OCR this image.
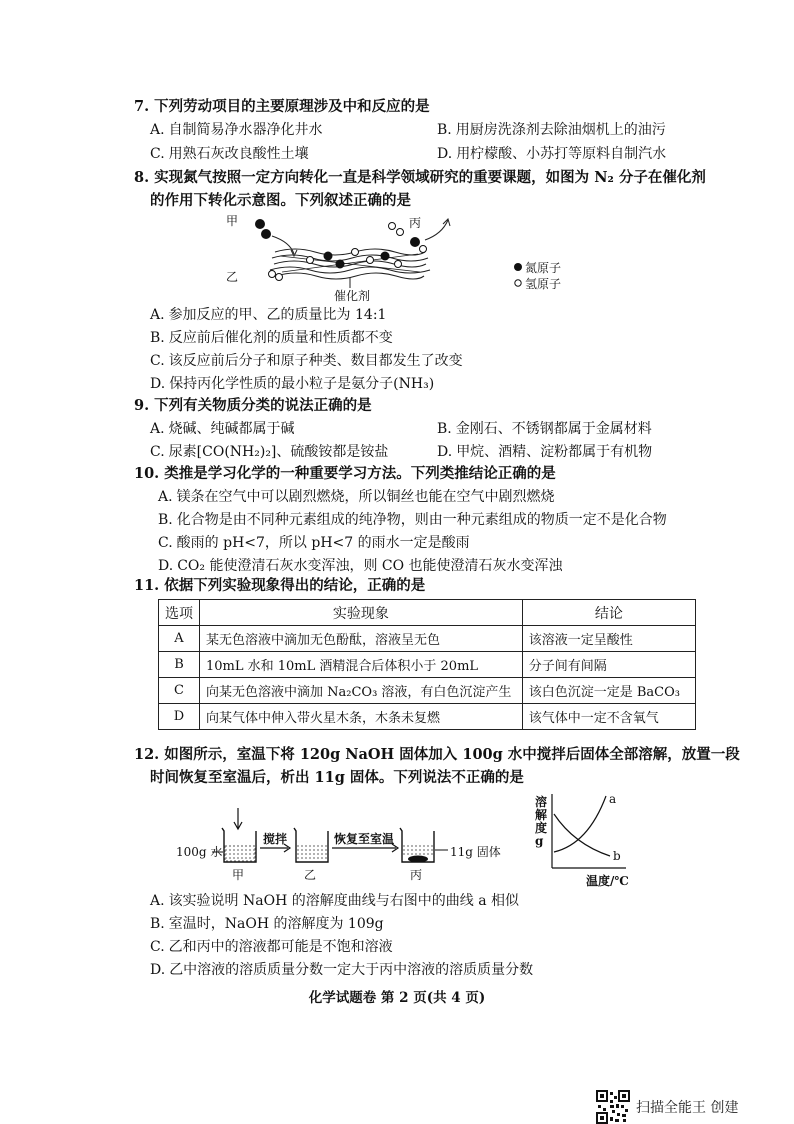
7. 下列劳动项目的主要原理涉及中和反应的是
A. 自制简易净水器净化井水	B. 用厨房洗涤剂去除油烟机上的油污
C. 用熟石灰改良酸性土壤	D. 用柠檬酸、小苏打等原料自制汽水
8. 实现氮气按照一定方向转化一直是科学领域研究的重要课题，如图为 N₂ 分子在催化剂
的作用下转化示意图。下列叙述正确的是
甲
乙
丙
催化剂
氮原子
氢原子
A. 参加反应的甲、乙的质量比为 14:1
B. 反应前后催化剂的质量和性质都不变
C. 该反应前后分子和原子种类、数目都发生了改变
D. 保持丙化学性质的最小粒子是氨分子(NH₃)
9. 下列有关物质分类的说法正确的是
A. 烧碱、纯碱都属于碱	B. 金刚石、不锈钢都属于金属材料
C. 尿素[CO(NH₂)₂]、硫酸铵都是铵盐	D. 甲烷、酒精、淀粉都属于有机物
10. 类推是学习化学的一种重要学习方法。下列类推结论正确的是
A. 镁条在空气中可以剧烈燃烧，所以铜丝也能在空气中剧烈燃烧
B. 化合物是由不同种元素组成的纯净物，则由一种元素组成的物质一定不是化合物
C. 酸雨的 pH<7，所以 pH<7 的雨水一定是酸雨
D. CO₂ 能使澄清石灰水变浑浊，则 CO 也能使澄清石灰水变浑浊
11. 依据下列实验现象得出的结论，正确的是
选项	实验现象	结论
A	某无色溶液中滴加无色酚酞，溶液呈无色	该溶液一定呈酸性
B	10mL 水和 10mL 酒精混合后体积小于 20mL	分子间有间隔
C	向某无色溶液中滴加 Na₂CO₃ 溶液，有白色沉淀产生	该白色沉淀一定是 BaCO₃
D	向某气体中伸入带火星木条，木条未复燃	该气体中一定不含氧气
12. 如图所示，室温下将 120g NaOH 固体加入 100g 水中搅拌后固体全部溶解，放置一段
时间恢复至室温后，析出 11g 固体。下列说法不正确的是
100g 水
搅拌	恢复至室温
11g 固体
甲	乙	丙
溶
解
度
g
a
b
温度/℃
A. 该实验说明 NaOH 的溶解度曲线与右图中的曲线 a 相似
B. 室温时，NaOH 的溶解度为 109g
C. 乙和丙中的溶液都可能是不饱和溶液
D. 乙中溶液的溶质质量分数一定大于丙中溶液的溶质质量分数
化学试题卷 第 2 页(共 4 页)
扫描全能王 创建
